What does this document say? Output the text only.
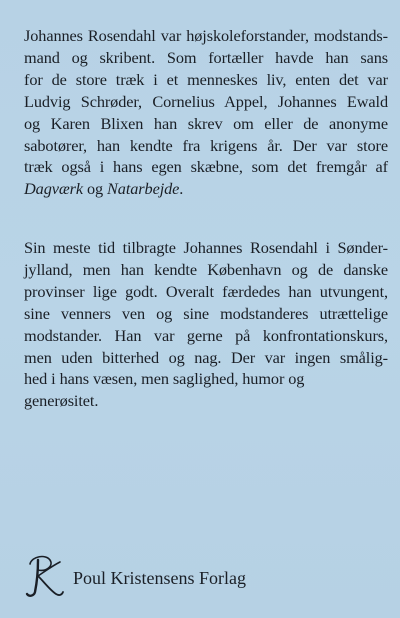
Johannes Rosendahl var højskoleforstander, modstands-
mand og skribent. Som fortæller havde han sans
for de store træk i et menneskes liv, enten det var
Ludvig Schrøder, Cornelius Appel, Johannes Ewald
og Karen Blixen han skrev om eller de anonyme
sabotører, han kendte fra krigens år. Der var store
træk også i hans egen skæbne, som det fremgår af
Dagværk og Natarbejde.

Sin meste tid tilbragte Johannes Rosendahl i Sønder-
jylland, men han kendte København og de danske
provinser lige godt. Overalt færdedes han utvungent,
sine venners ven og sine modstanderes utrættelige
modstander. Han var gerne på konfrontationskurs,
men uden bitterhed og nag. Der var ingen smålig-
hed i hans væsen, men saglighed, humor og
generøsitet.

Poul Kristensens Forlag
